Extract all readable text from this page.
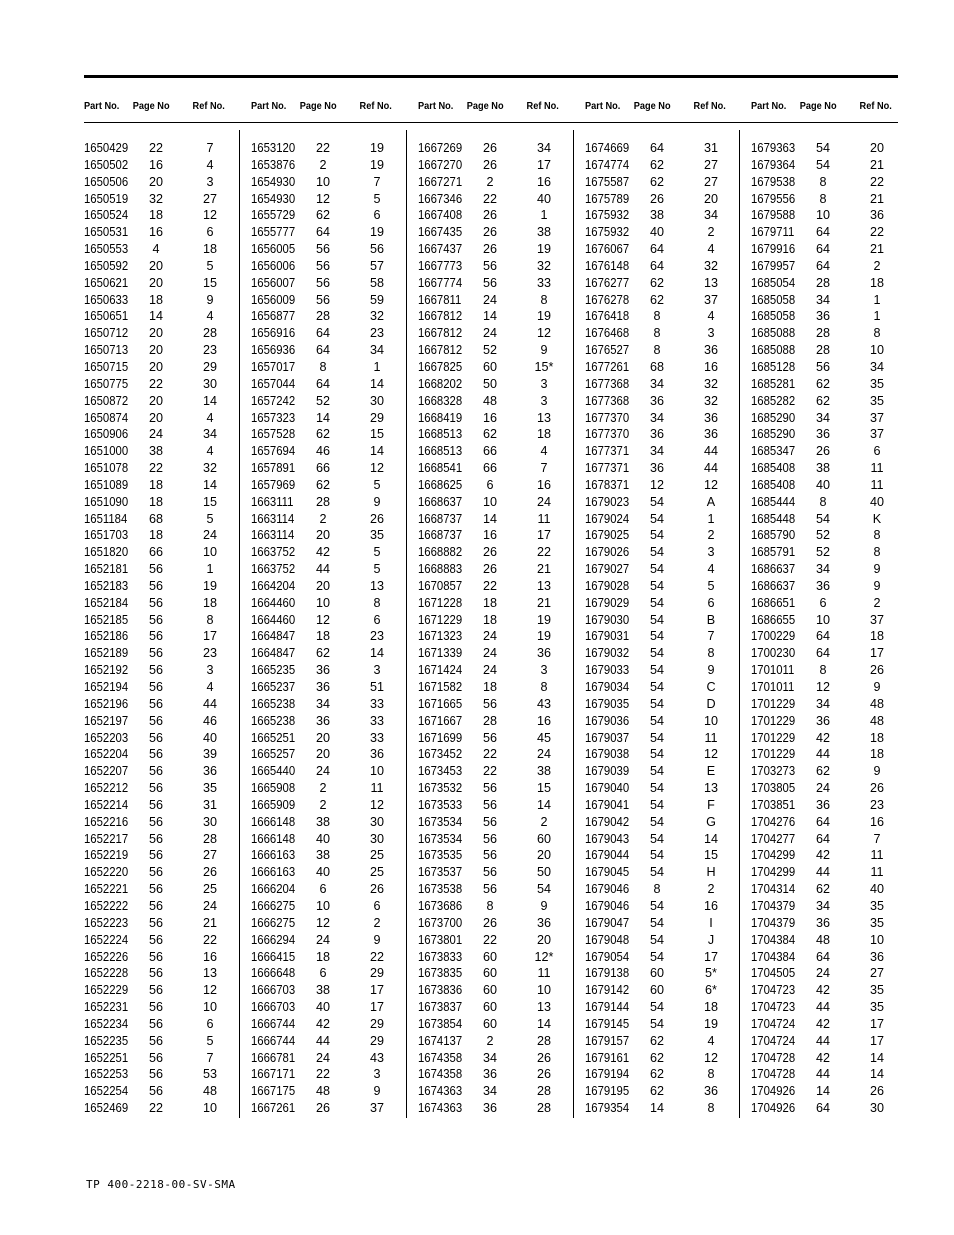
Part No. Page No Ref No.
1650429 22	7
1650502 16	4
1650506 20	3
1650519 32	27
1650524 18	12
1650531 16	6
1650553	4	18
1650592 20	5
1650621 20	15
1650633 18	9
1650651 14	4
1650712 20	28
1650713 20	23
1650715 20	29
1650775 22	30
1650872 20	14
1650874 20	4
1650906 24	34
1651000 38	4
1651078 22	32
1651089 18	14
1651090 18	15
1651184 68	5
1651703 18	24
1651820 66	10
1652181 56	1
1652183 56	19
1652184 56	18
1652185 56	8
1652186 56	17
1652189 56	23
1652192 56	3
1652194 56	4
1652196 56	44
1652197 56	46
1652203 56	40
1652204 56	39
1652207 56	36
1652212 56	35
1652214 56	31
1652216 56	30
1652217 56	28
1652219 56	27
1652220 56	26
1652221 56	25
1652222 56	24
1652223 56	21
1652224 56	22
1652226 56	16
1652228 56	13
1652229 56	12
1652231 56	10
1652234 56	6
1652235 56	5
1652251 56	7
1652253 56	53
1652254 56	48
1652469 22	10
Part No. Page No Ref No.
1653120 22	19
1653876	2	19
1654930 10	7
1654930 12	5
1655729 62	6
1655777 64	19
1656005 56	56
1656006 56	57
1656007 56	58
1656009 56	59
1656877 28	32
1656916 64	23
1656936 64	34
1657017	8	1
1657044 64	14
1657242 52	30
1657323 14	29
1657528 62	15
1657694 46	14
1657891 66	12
1657969 62	5
1663111 28	9
1663114	2	26
1663114 20	35
1663752 42	5
1663752 44	5
1664204 20	13
1664460 10	8
1664460 12	6
1664847 18	23
1664847 62	14
1665235 36	3
1665237 36	51
1665238 34	33
1665238 36	33
1665251 20	33
1665257 20	36
1665440 24	10
1665908	2	11
1665909	2	12
1666148 38	30
1666148 40	30
1666163 38	25
1666163 40	25
1666204	6	26
1666275 10	6
1666275 12	2
1666294 24	9
1666415 18	22
1666648	6	29
1666703 38	17
1666703 40	17
1666744 42	29
1666744 44	29
1666781 24	43
1667171 22	3
1667175 48	9
1667261 26	37
Part No. Page No Ref No.
1667269 26	34
1667270 26	17
1667271	2	16
1667346 22	40
1667408 26	1
1667435 26	38
1667437 26	19
1667773 56	32
1667774 56	33
1667811 24	8
1667812 14	19
1667812 24	12
1667812 52	9
1667825 60	15*
1668202 50	3
1668328 48	3
1668419 16	13
1668513 62	18
1668513 66	4
1668541 66	7
1668625	6	16
1668637 10	24
1668737 14	11
1668737 16	17
1668882 26	22
1668883 26	21
1670857 22	13
1671228 18	21
1671229 18	19
1671323 24	19
1671339 24	36
1671424 24	3
1671582 18	8
1671665 56	43
1671667 28	16
1671699 56	45
1673452 22	24
1673453 22	38
1673532 56	15
1673533 56	14
1673534 56	2
1673534 56	60
1673535 56	20
1673537 56	50
1673538 56	54
1673686	8	9
1673700 26	36
1673801 22	20
1673833 60	12*
1673835 60	11
1673836 60	10
1673837 60	13
1673854 60	14
1674137	2	28
1674358 34	26
1674358 36	26
1674363 34	28
1674363 36	28
Part No. Page No Ref No.
1674669 64	31
1674774 62	27
1675587 62	27
1675789 26	20
1675932 38	34
1675932 40	2
1676067 64	4
1676148 64	32
1676277 62	13
1676278 62	37
1676418	8	4
1676468	8	3
1676527	8	36
1677261 68	16
1677368 34	32
1677368 36	32
1677370 34	36
1677370 36	36
1677371 34	44
1677371 36	44
1678371 12	12
1679023 54	A
1679024 54	1
1679025 54	2
1679026 54	3
1679027 54	4
1679028 54	5
1679029 54	6
1679030 54	B
1679031 54	7
1679032 54	8
1679033 54	9
1679034 54	C
1679035 54	D
1679036 54	10
1679037 54	11
1679038 54	12
1679039 54	E
1679040 54	13
1679041 54	F
1679042 54	G
1679043 54	14
1679044 54	15
1679045 54	H
1679046	8	2
1679046 54	16
1679047 54	I
1679048 54	J
1679054 54	17
1679138 60	5*
1679142 60	6*
1679144 54	18
1679145 54	19
1679157 62	4
1679161 62	12
1679194 62	8
1679195 62	36
1679354 14	8
Part No. Page No Ref No.
1679363 54	20
1679364 54	21
1679538	8	22
1679556	8	21
1679588 10	36
1679711 64	22
1679916 64	21
1679957 64	2
1685054 28	18
1685058 34	1
1685058 36	1
1685088 28	8
1685088 28	10
1685128 56	34
1685281 62	35
1685282 62	35
1685290 34	37
1685290 36	37
1685347 26	6
1685408 38	11
1685408 40	11
1685444	8	40
1685448 54	K
1685790 52	8
1685791 52	8
1686637 34	9
1686637 36	9
1686651	6	2
1686655 10	37
1700229 64	18
1700230 64	17
1701011	8	26
1701011 12	9
1701229 34	48
1701229 36	48
1701229 42	18
1701229 44	18
1703273 62	9
1703805 24	26
1703851 36	23
1704276 64	16
1704277 64	7
1704299 42	11
1704299 44	11
1704314 62	40
1704379 34	35
1704379 36	35
1704384 48	10
1704384 64	36
1704505 24	27
1704723 42	35
1704723 44	35
1704724 42	17
1704724 44	17
1704728 42	14
1704728 44	14
1704926 14	26
1704926 64	30
TP 400-2218-00-SV-SMA
